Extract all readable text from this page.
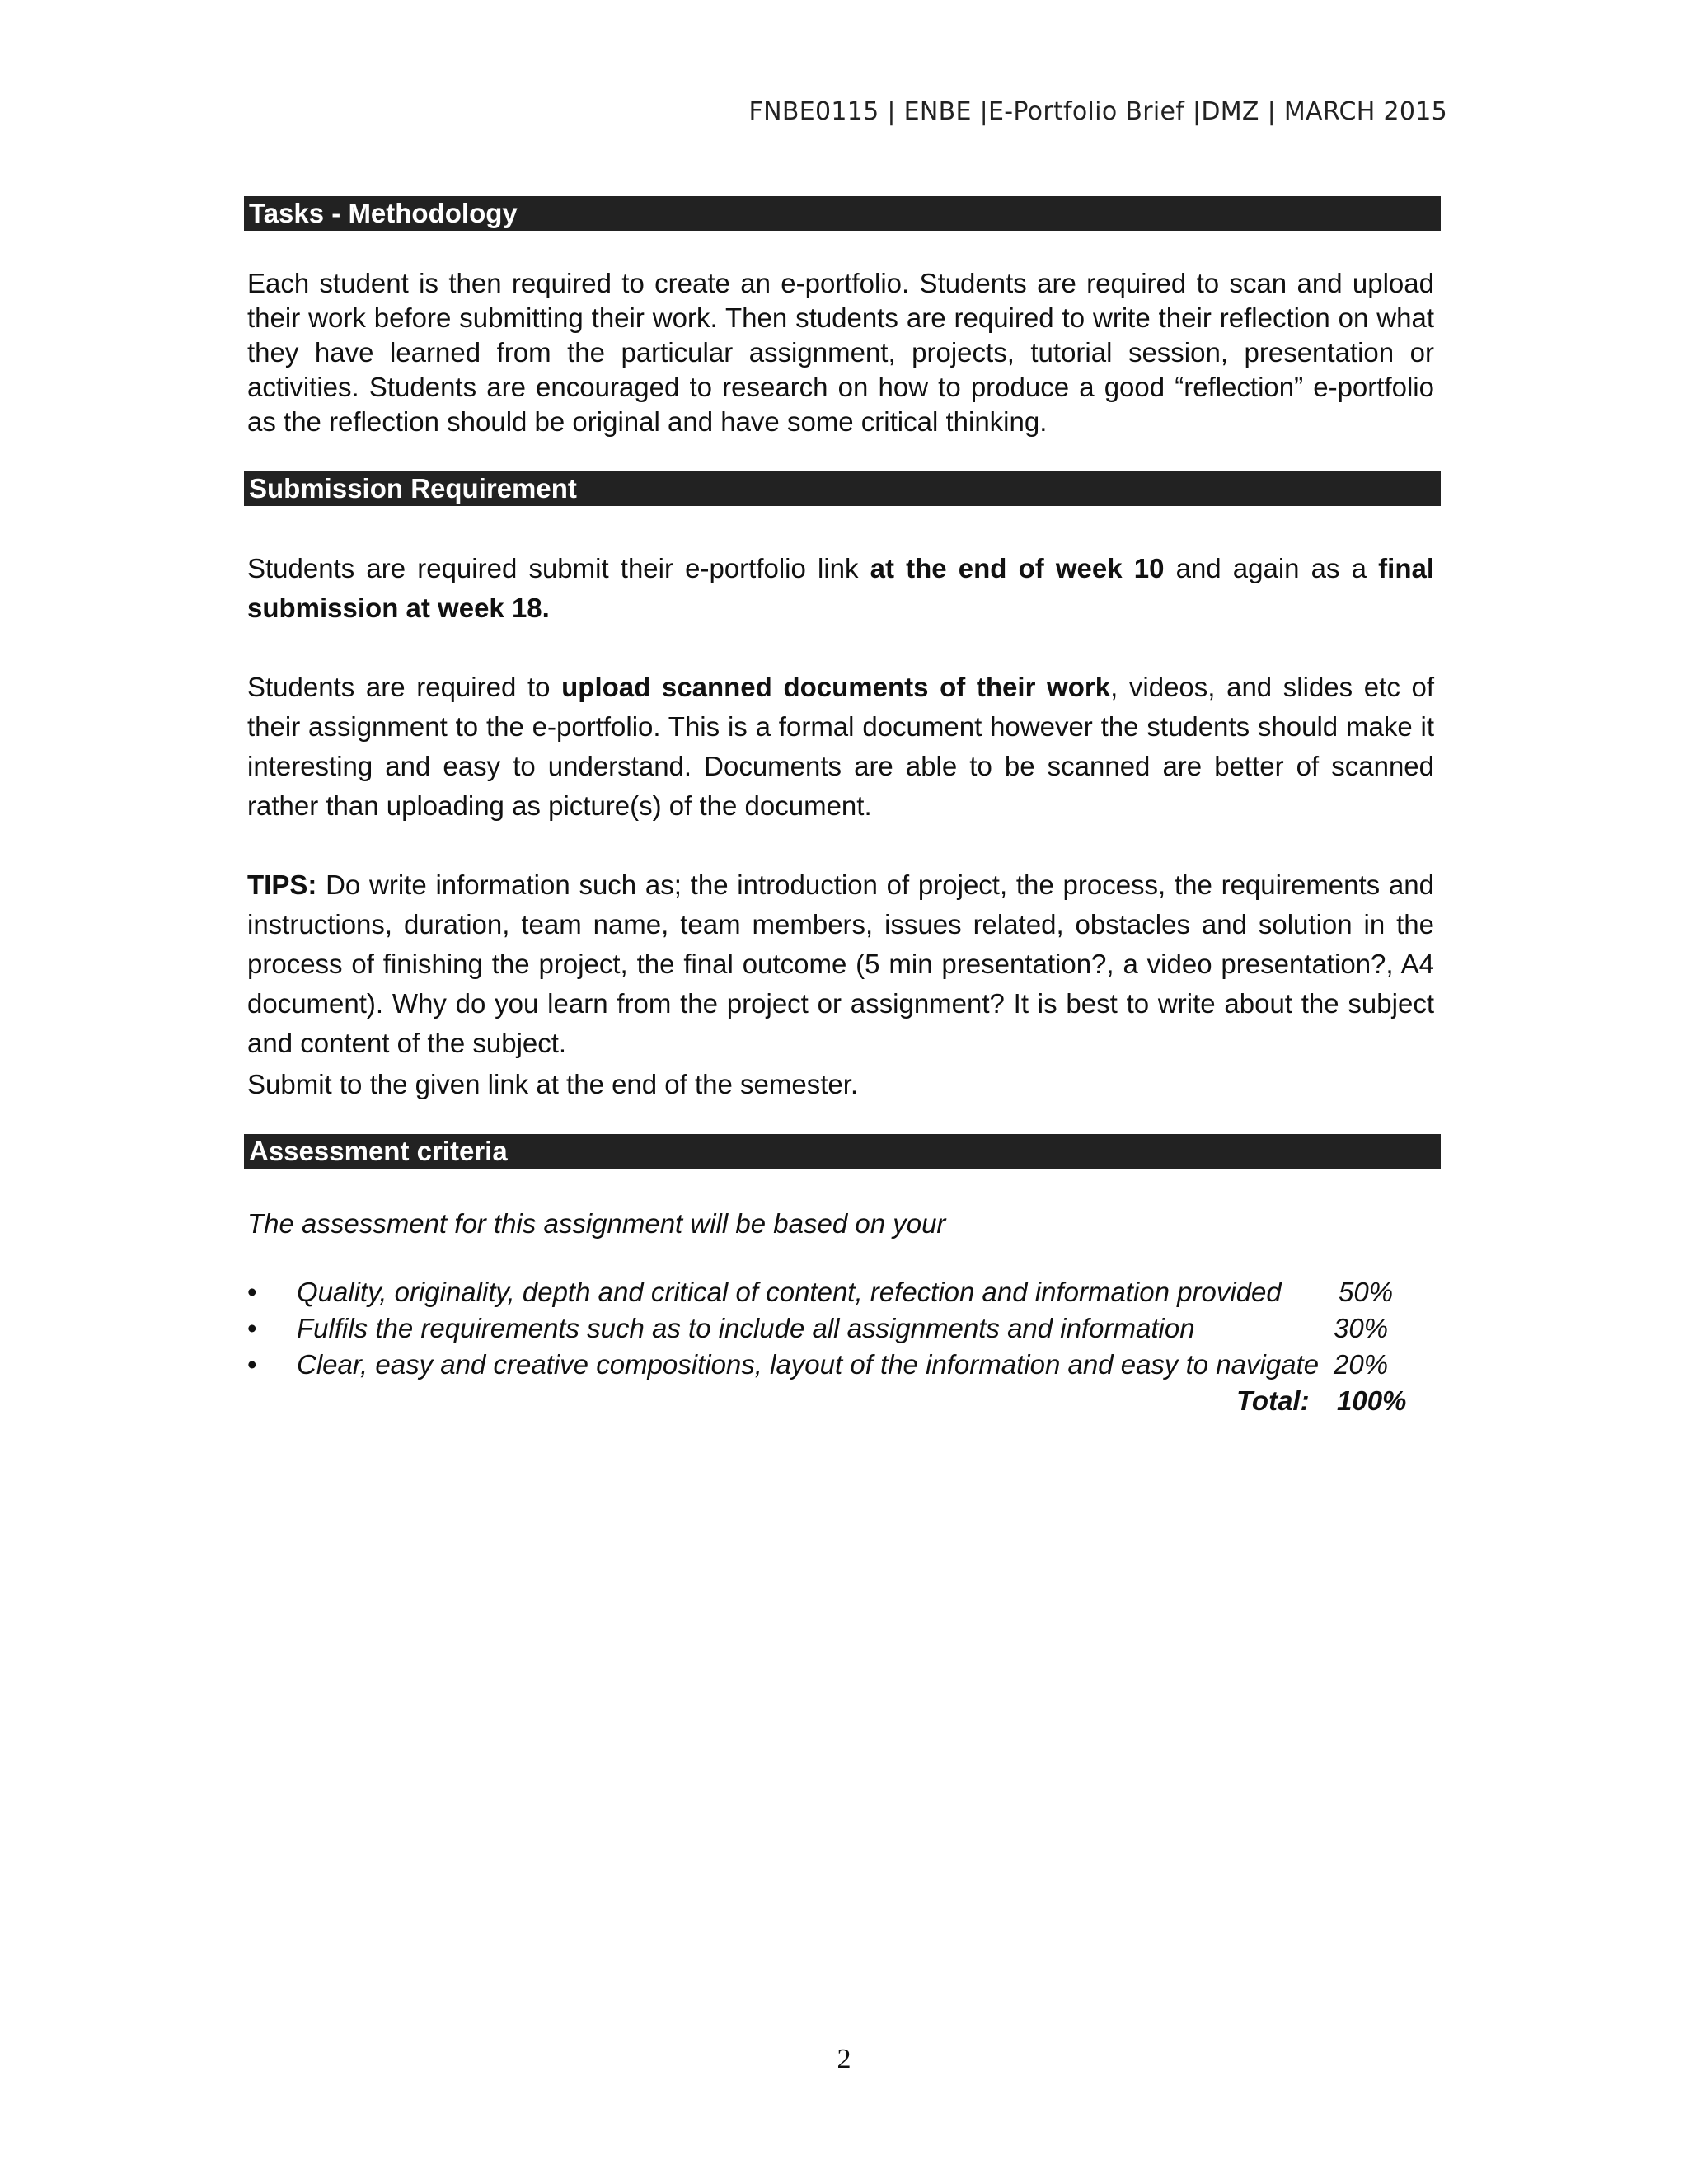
FNBE0115 | ENBE |E-Portfolio Brief |DMZ | MARCH 2015
Tasks - Methodology
Each student is then required to create an e-portfolio. Students are required to scan and upload their work before submitting their work. Then students are required to write their reflection on what they have learned from the particular assignment, projects, tutorial session, presentation or activities. Students are encouraged to research on how to produce a good “reflection” e-portfolio as the reflection should be original and have some critical thinking.
Submission Requirement
Students are required submit their e-portfolio link at the end of week 10 and again as a final submission at week 18.
Students are required to upload scanned documents of their work, videos, and slides etc of their assignment to the e-portfolio. This is a formal document however the students should make it interesting and easy to understand. Documents are able to be scanned are better of scanned rather than uploading as picture(s) of the document.
TIPS: Do write information such as; the introduction of project, the process, the requirements and instructions, duration, team name, team members, issues related, obstacles and solution in the process of finishing the project, the final outcome (5 min presentation?, a video presentation?, A4 document). Why do you learn from the project or assignment? It is best to write about the subject and content of the subject.
Submit to the given link at the end of the semester.
Assessment criteria
The assessment for this assignment will be based on your
• Quality, originality, depth and critical of content, refection and information provided 50%
• Fulfils the requirements such as to include all assignments and information	30%
• Clear, easy and creative compositions, layout of the information and easy to navigate 20%
Total: 100%
2
